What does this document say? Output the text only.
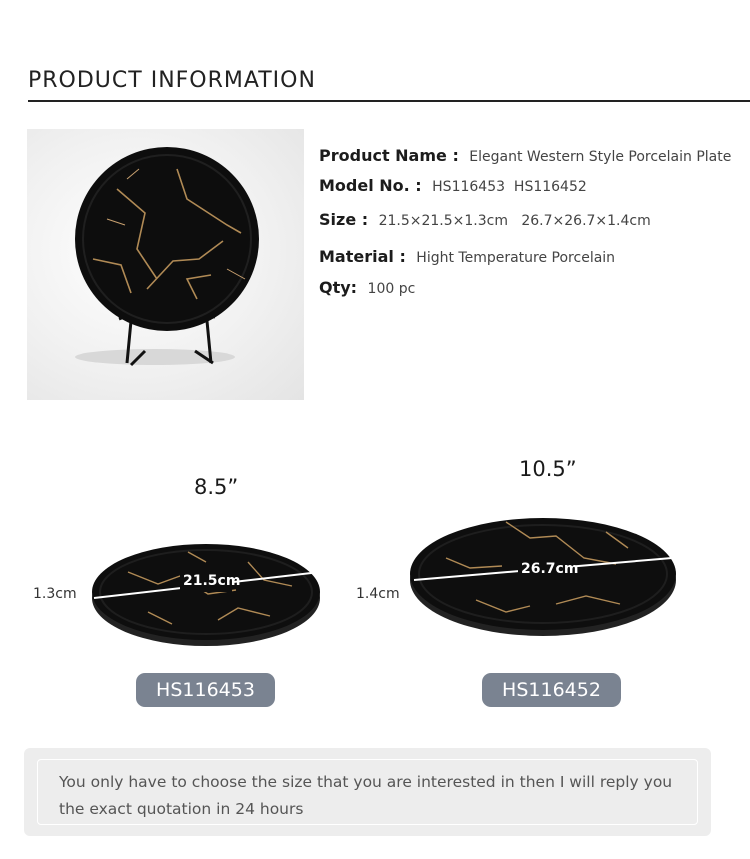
PRODUCT INFORMATION
Product Name : Elegant Western Style Porcelain Plate
Model No. : HS116453  HS116452
Size : 21.5×21.5×1.3cm   26.7×26.7×1.4cm
Material : Hight Temperature Porcelain
Qty: 100 pc
8.5”
1.3cm
21.5cm
HS116453
10.5”
1.4cm
26.7cm
HS116452
You only have to choose the size that you are interested in then I will reply you the exact quotation in 24 hours
